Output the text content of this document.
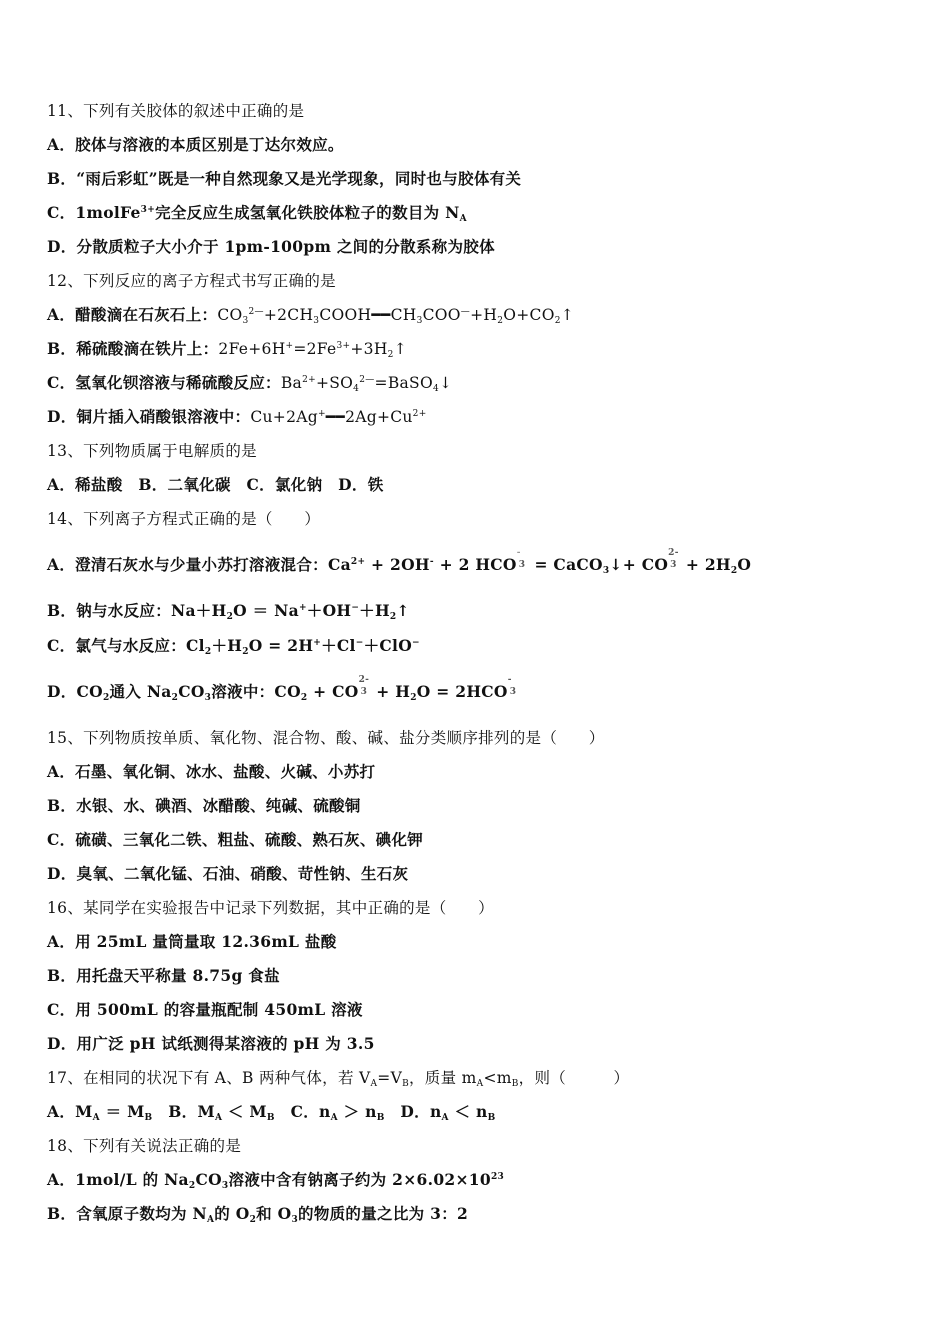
11、下列有关胶体的叙述中正确的是
A．胶体与溶液的本质区别是丁达尔效应。
B．“雨后彩虹”既是一种自然现象又是光学现象，同时也与胶体有关
C．1molFe$^{3+}$完全反应生成氢氧化铁胶体粒子的数目为 $N_A$
D．分散质粒子大小介于 1pm-100pm 之间的分散系称为胶体
12、下列反应的离子方程式书写正确的是
A．醋酸滴在石灰石上：$CO_3^{2—}+2CH_3COOH━━CH_3COO^—+H_2O+CO_2↑$
B．稀硫酸滴在铁片上：$2Fe+6H^+=2Fe^{3+}+3H_2↑$
C．氢氧化钡溶液与稀硫酸反应：$Ba^{2+}+SO_4^{2—}=BaSO_4↓$
D．铜片插入硝酸银溶液中：$Cu+2Ag^+━━2Ag+Cu^{2+}$
13、下列物质属于电解质的是
A．稀盐酸　B．二氧化碳　C．氯化钠　D．铁
14、下列离子方程式正确的是（　　）
A．澄清石灰水与少量小苏打溶液混合：$Ca^{2+} + 2OH^- + 2$ HCO
-
3 = CaCO$_3$↓+ CO
2-
$3 + 2H_2O$
B．钠与水反应：$Na+H_2O$ ＝ $Na^++OH^-+H_2↑$
C．氯气与水反应：$Cl_2+H_2O = 2H^++Cl^-+ClO^-$
D．$CO_2$通入 $Na_2CO_3$溶液中：$CO_2$ + CO
2-
$3 + H_2O = 2HCO$
-
3
15、下列物质按单质、氧化物、混合物、酸、碱、盐分类顺序排列的是（　　）
A．石墨、氧化铜、冰水、盐酸、火碱、小苏打
B．水银、水、碘酒、冰醋酸、纯碱、硫酸铜
C．硫磺、三氧化二铁、粗盐、硫酸、熟石灰、碘化钾
D．臭氧、二氧化锰、石油、硝酸、苛性钠、生石灰
16、某同学在实验报告中记录下列数据，其中正确的是（　　）
A．用 25mL 量筒量取 12.36mL 盐酸
B．用托盘天平称量 8.75g 食盐
C．用 500mL 的容量瓶配制 450mL 溶液
D．用广泛 pH 试纸测得某溶液的 pH 为 3.5
17、在相同的状况下有 A、B 两种气体，若 $V_A=V_B$，质量 $m_A<m_B$，则（　　　）
A．$M_A = M_B$　B．$M_A < M_B$　C．$n_A > n_B$　D．$n_A < n_B$
18、下列有关说法正确的是
A．1mol/L 的 $Na_2CO_3$溶液中含有钠离子约为 $2\times 6.02\times 10^{23}$
B．含氧原子数均为 $N_A$的 $O_2$和 $O_3$的物质的量之比为 3：2
